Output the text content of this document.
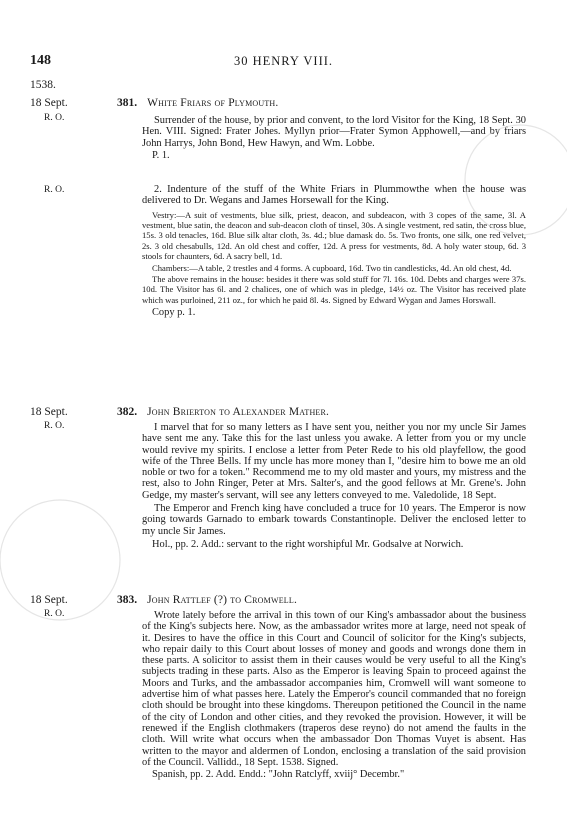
148	30 HENRY VIII.
1538.
18 Sept.
R. O.
R. O.
18 Sept.
R. O.
18 Sept.
R. O.

381. White Friars of Plymouth.

Surrender of the house, by prior and convent, to the lord Visitor for the King, 18 Sept. 30 Hen. VIII. Signed: Frater Johes. Myllyn prior—Frater Symon Apphowell,—and by friars John Harrys, John Bond, Hew Hawyn, and Wm. Lobbe.

P. 1.

2. Indenture of the stuff of the White Friars in Plummowthe when the house was delivered to Dr. Wegans and James Horsewall for the King.

Vestry:—A suit of vestments, blue silk, priest, deacon, and subdeacon, with 3 copes of the same, 3l. A vestment, blue satin, the deacon and sub-deacon cloth of tinsel, 30s. A single vestment, red satin, the cross blue, 15s. 3 old tenacles, 16d. Blue silk altar cloth, 3s. 4d.; blue damask do. 5s. Two fronts, one silk, one red velvet, 2s. 3 old chesabulls, 12d. An old chest and coffer, 12d. A press for vestments, 8d. A holy water stoup, 6d. 3 stools for chaunters, 6d. A sacry bell, 1d.

Chambers:—A table, 2 trestles and 4 forms. A cupboard, 16d. Two tin candlesticks, 4d. An old chest, 4d.

The above remains in the house: besides it there was sold stuff for 7l. 16s. 10d. Debts and charges were 37s. 10d. The Visitor has 6l. and 2 chalices, one of which was in pledge, 14½ oz. The Visitor has received plate which was purloined, 211 oz., for which he paid 8l. 4s. Signed by Edward Wygan and James Horswall.

Copy p. 1.

382. John Brierton to Alexander Mather.

I marvel that for so many letters as I have sent you, neither you nor my uncle Sir James have sent me any. Take this for the last unless you awake. A letter from you or my uncle would revive my spirits. I enclose a letter from Peter Rede to his old playfellow, the good wife of the Three Bells. If my uncle has more money than I, "desire him to bowe me an old noble or two for a token." Recommend me to my old master and yours, my mistress and the rest, also to John Ringer, Peter at Mrs. Salter's, and the good fellows at Mr. Grene's. John Gedge, my master's servant, will see any letters conveyed to me. Valedolide, 18 Sept.

The Emperor and French king have concluded a truce for 10 years. The Emperor is now going towards Garnado to embark towards Constantinople. Deliver the enclosed letter to my uncle Sir James.

Hol., pp. 2. Add.: servant to the right worshipful Mr. Godsalve at Norwich.

383. John Rattlef (?) to Cromwell.

Wrote lately before the arrival in this town of our King's ambassador about the business of the King's subjects here. Now, as the ambassador writes more at large, need not speak of it. Desires to have the office in this Court and Council of solicitor for the King's subjects, who repair daily to this Court about losses of money and goods and wrongs done them in these parts. A solicitor to assist them in their causes would be very useful to all the King's subjects trading in these parts. Also as the Emperor is leaving Spain to proceed against the Moors and Turks, and the ambassador accompanies him, Cromwell will want someone to advertise him of what passes here. Lately the Emperor's council commanded that no foreign cloth should be brought into these kingdoms. Thereupon petitioned the Council in the name of the city of London and other cities, and they revoked the provision. However, it will be renewed if the English clothmakers (traperos dese reyno) do not amend the faults in the cloth. Will write what occurs when the ambassador Don Thomas Vuyet is absent. Has written to the mayor and aldermen of London, enclosing a translation of the said provision of the Council. Vallidd., 18 Sept. 1538. Signed.

Spanish, pp. 2. Add. Endd.: "John Ratclyff, xviij° Decembr."
